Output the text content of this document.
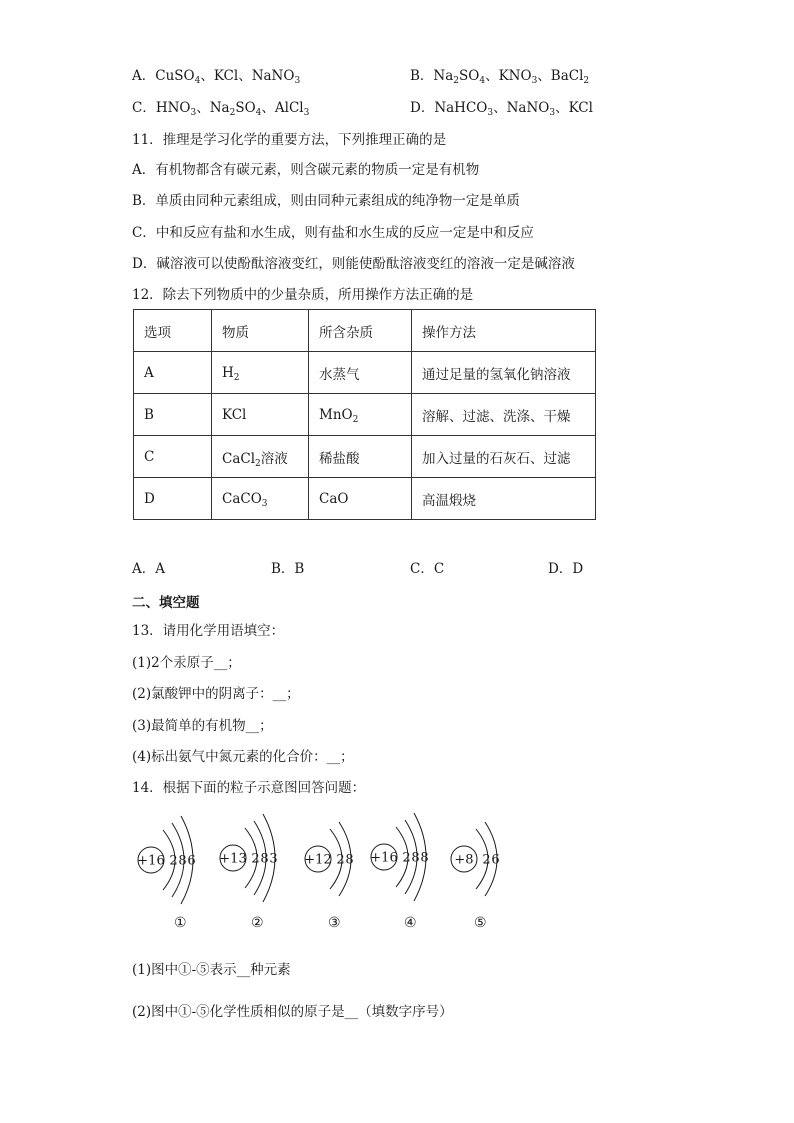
A．CuSO$_4$、KCl、NaNO$_3$	B．$Na_2SO_4$、$KNO_3$、BaCl$_2$
C．$HNO_3$、$Na_2SO_4$、AlCl$_3$	D．NaHCO$_3$、NaNO$_3$、KCl
11．推理是学习化学的重要方法，下列推理正确的是
A．有机物都含有碳元素，则含碳元素的物质一定是有机物
B．单质由同种元素组成，则由同种元素组成的纯净物一定是单质
C．中和反应有盐和水生成，则有盐和水生成的反应一定是中和反应
D．碱溶液可以使酚酞溶液变红，则能使酚酞溶液变红的溶液一定是碱溶液
12．除去下列物质中的少量杂质，所用操作方法正确的是
选项	物质	所含杂质	操作方法
A	$H_2$	水蒸气	通过足量的氢氧化钠溶液
B	KCl	MnO$_2$	溶解、过滤、洗涤、干燥
C	CaCl$_2$溶液	稀盐酸	加入过量的石灰石、过滤
D	CaCO$_3$	CaO	高温煅烧
A．A	B．B	C．C	D．D
二、填空题
13．请用化学用语填空：
(1)2个汞原子__；
(2)氯酸钾中的阴离子：__；
(3)最简单的有机物__；
(4)标出氨气中氮元素的化合价：__；
14．根据下面的粒子示意图回答问题：
+16 2 8 6 +13 2 8 3 +12 2 8 +16 2 8 8 +8 2 6
①	②	③	④	⑤
(1)图中①-⑤表示__种元素
(2)图中①-⑤化学性质相似的原子是__（填数字序号）
